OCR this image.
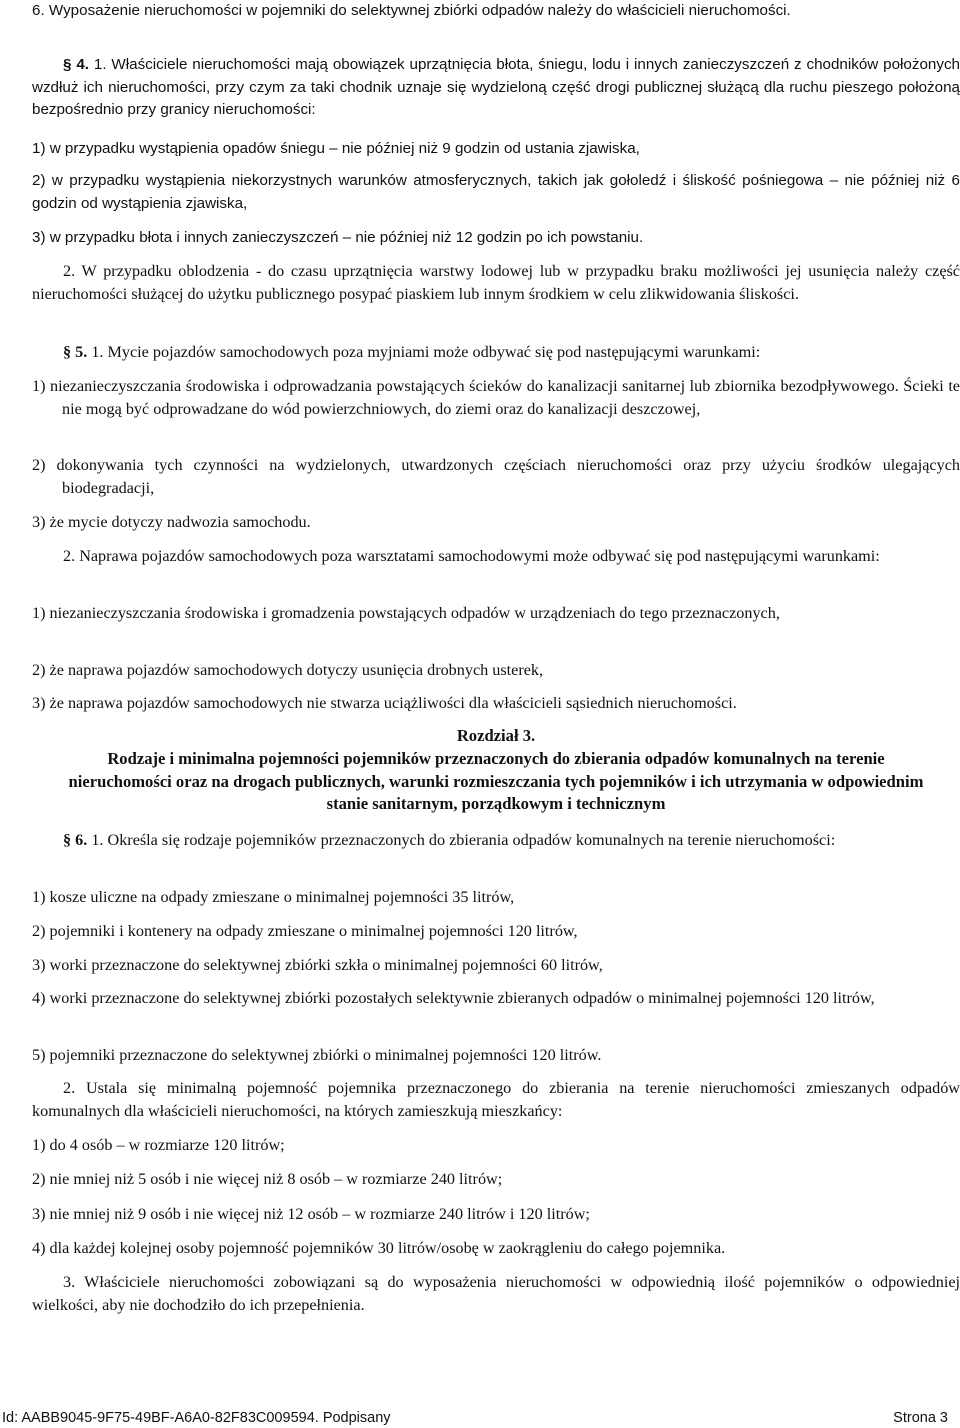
6. Wyposażenie nieruchomości w pojemniki do selektywnej zbiórki odpadów należy do właścicieli nieruchomości.

§ 4. 1. Właściciele nieruchomości mają obowiązek uprzątnięcia błota, śniegu, lodu i innych zanieczyszczeń z chodników położonych wzdłuż ich nieruchomości, przy czym za taki chodnik uznaje się wydzieloną część drogi publicznej służącą dla ruchu pieszego położoną bezpośrednio przy granicy nieruchomości:

1) w przypadku wystąpienia opadów śniegu – nie później niż 9 godzin od ustania zjawiska,

2) w przypadku wystąpienia niekorzystnych warunków atmosferycznych, takich jak gołoledź i śliskość pośniegowa – nie później niż 6 godzin od wystąpienia zjawiska,

3) w przypadku błota i innych zanieczyszczeń – nie później niż 12 godzin po ich powstaniu.

2. W przypadku oblodzenia - do czasu uprzątnięcia warstwy lodowej lub w przypadku braku możliwości jej usunięcia należy część nieruchomości służącej do użytku publicznego posypać piaskiem lub innym środkiem w celu zlikwidowania śliskości.

§ 5. 1. Mycie pojazdów samochodowych poza myjniami może odbywać się pod następującymi warunkami:

1) niezanieczyszczania środowiska i odprowadzania powstających ścieków do kanalizacji sanitarnej lub zbiornika bezodpływowego. Ścieki te nie mogą być odprowadzane do wód powierzchniowych, do ziemi oraz do kanalizacji deszczowej,

2) dokonywania tych czynności na wydzielonych, utwardzonych częściach nieruchomości oraz przy użyciu środków ulegających biodegradacji,

3) że mycie dotyczy nadwozia samochodu.

2. Naprawa pojazdów samochodowych poza warsztatami samochodowymi może odbywać się pod następującymi warunkami:

1) niezanieczyszczania środowiska i gromadzenia powstających odpadów w urządzeniach do tego przeznaczonych,

2) że naprawa pojazdów samochodowych dotyczy usunięcia drobnych usterek,

3) że naprawa pojazdów samochodowych nie stwarza uciążliwości dla właścicieli sąsiednich nieruchomości.

Rozdział 3.

Rodzaje i minimalna pojemności pojemników przeznaczonych do zbierania odpadów komunalnych na terenie nieruchomości oraz na drogach publicznych, warunki rozmieszczania tych pojemników i ich utrzymania w odpowiednim stanie sanitarnym, porządkowym i technicznym

§ 6. 1. Określa się rodzaje pojemników przeznaczonych do zbierania odpadów komunalnych na terenie nieruchomości:

1) kosze uliczne na odpady zmieszane o minimalnej pojemności 35 litrów,

2) pojemniki i kontenery na odpady zmieszane o minimalnej pojemności 120 litrów,

3) worki przeznaczone do selektywnej zbiórki szkła o minimalnej pojemności 60 litrów,

4) worki przeznaczone do selektywnej zbiórki pozostałych selektywnie zbieranych odpadów o minimalnej pojemności 120 litrów,

5) pojemniki przeznaczone do selektywnej zbiórki o minimalnej pojemności 120 litrów.

2. Ustala się minimalną pojemność pojemnika przeznaczonego do zbierania na terenie nieruchomości zmieszanych odpadów komunalnych dla właścicieli nieruchomości, na których zamieszkują mieszkańcy:

1) do 4 osób – w rozmiarze 120 litrów;

2) nie mniej niż 5 osób i nie więcej niż 8 osób – w rozmiarze 240 litrów;

3) nie mniej niż 9 osób i nie więcej niż 12 osób – w rozmiarze 240 litrów i 120 litrów;

4) dla każdej kolejnej osoby pojemność pojemników 30 litrów/osobę w zaokrągleniu do całego pojemnika.

3. Właściciele nieruchomości zobowiązani są do wyposażenia nieruchomości w odpowiednią ilość pojemników o odpowiedniej wielkości, aby nie dochodziło do ich przepełnienia.

Id: AABB9045-9F75-49BF-A6A0-82F83C009594. Podpisany	Strona 3
